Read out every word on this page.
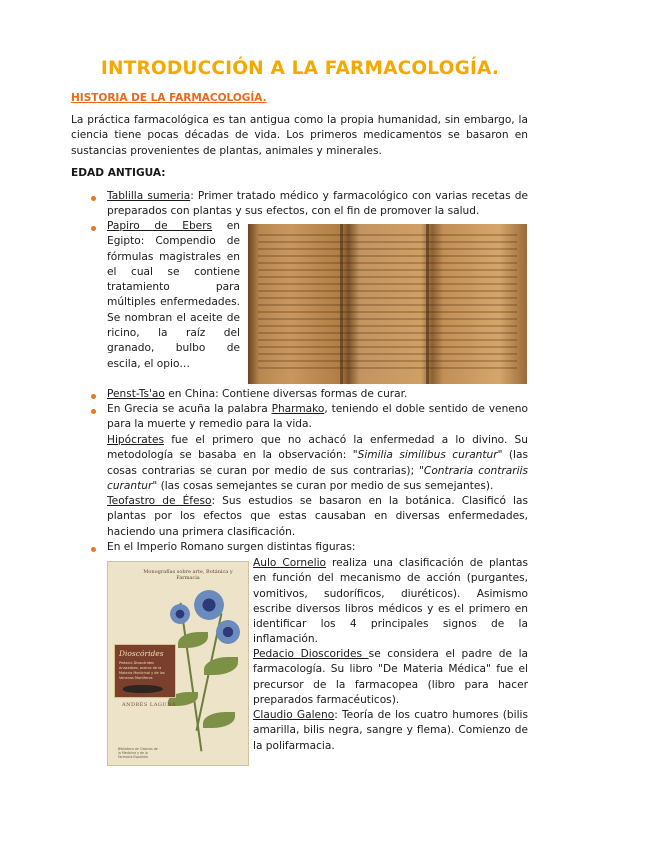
INTRODUCCIÓN A LA FARMACOLOGÍA.
HISTORIA DE LA FARMACOLOGÍA.
La práctica farmacológica es tan antigua como la propia humanidad, sin embargo, la ciencia tiene pocas décadas de vida. Los primeros medicamentos se basaron en sustancias provenientes de plantas, animales y minerales.
EDAD ANTIGUA:
Tablilla sumeria: Primer tratado médico y farmacológico con varias recetas de preparados con plantas y sus efectos, con el fin de promover la salud.
Papiro de Ebers en Egipto: Compendio de fórmulas magistrales en el cual se contiene tratamiento para múltiples enfermedades. Se nombran el aceite de ricino, la raíz del granado, bulbo de escila, el opio…
Penst-Ts'ao en China: Contiene diversas formas de curar.
En Grecia se acuña la palabra Pharmako, teniendo el doble sentido de veneno para la muerte y remedio para la vida.
Hipócrates fue el primero que no achacó la enfermedad a lo divino. Su metodología se basaba en la observación: "Similia similibus curantur" (las cosas contrarias se curan por medio de sus contrarias); "Contraria contrariis curantur" (las cosas semejantes se curan por medio de sus semejantes).
Teofastro de Éfeso: Sus estudios se basaron en la botánica. Clasificó las plantas por los efectos que estas causaban en diversas enfermedades, haciendo una primera clasificación.
En el Imperio Romano surgen distintas figuras:
Monografías sobre arte, Botánica y Farmacia
Dioscórides
Pedacio Dioscórides Anazarbeo, acerca de la Materia Medicinal y de los Venenos Mortíferos
ANDRÉS LAGUNA
Biblioteca de Clásicos de la Medicina y de la Farmacia Española
Aulo Cornelio realiza una clasificación de plantas en función del mecanismo de acción (purgantes, vomitivos, sudoríficos, diuréticos). Asimismo escribe diversos libros médicos y es el primero en identificar los 4 principales signos de la inflamación.
Pedacio Dioscorides se considera el padre de la farmacología. Su libro "De Materia Médica" fue el precursor de la farmacopea (libro para hacer preparados farmacéuticos).
Claudio Galeno: Teoría de los cuatro humores (bilis amarilla, bilis negra, sangre y flema). Comienzo de la polifarmacia.
